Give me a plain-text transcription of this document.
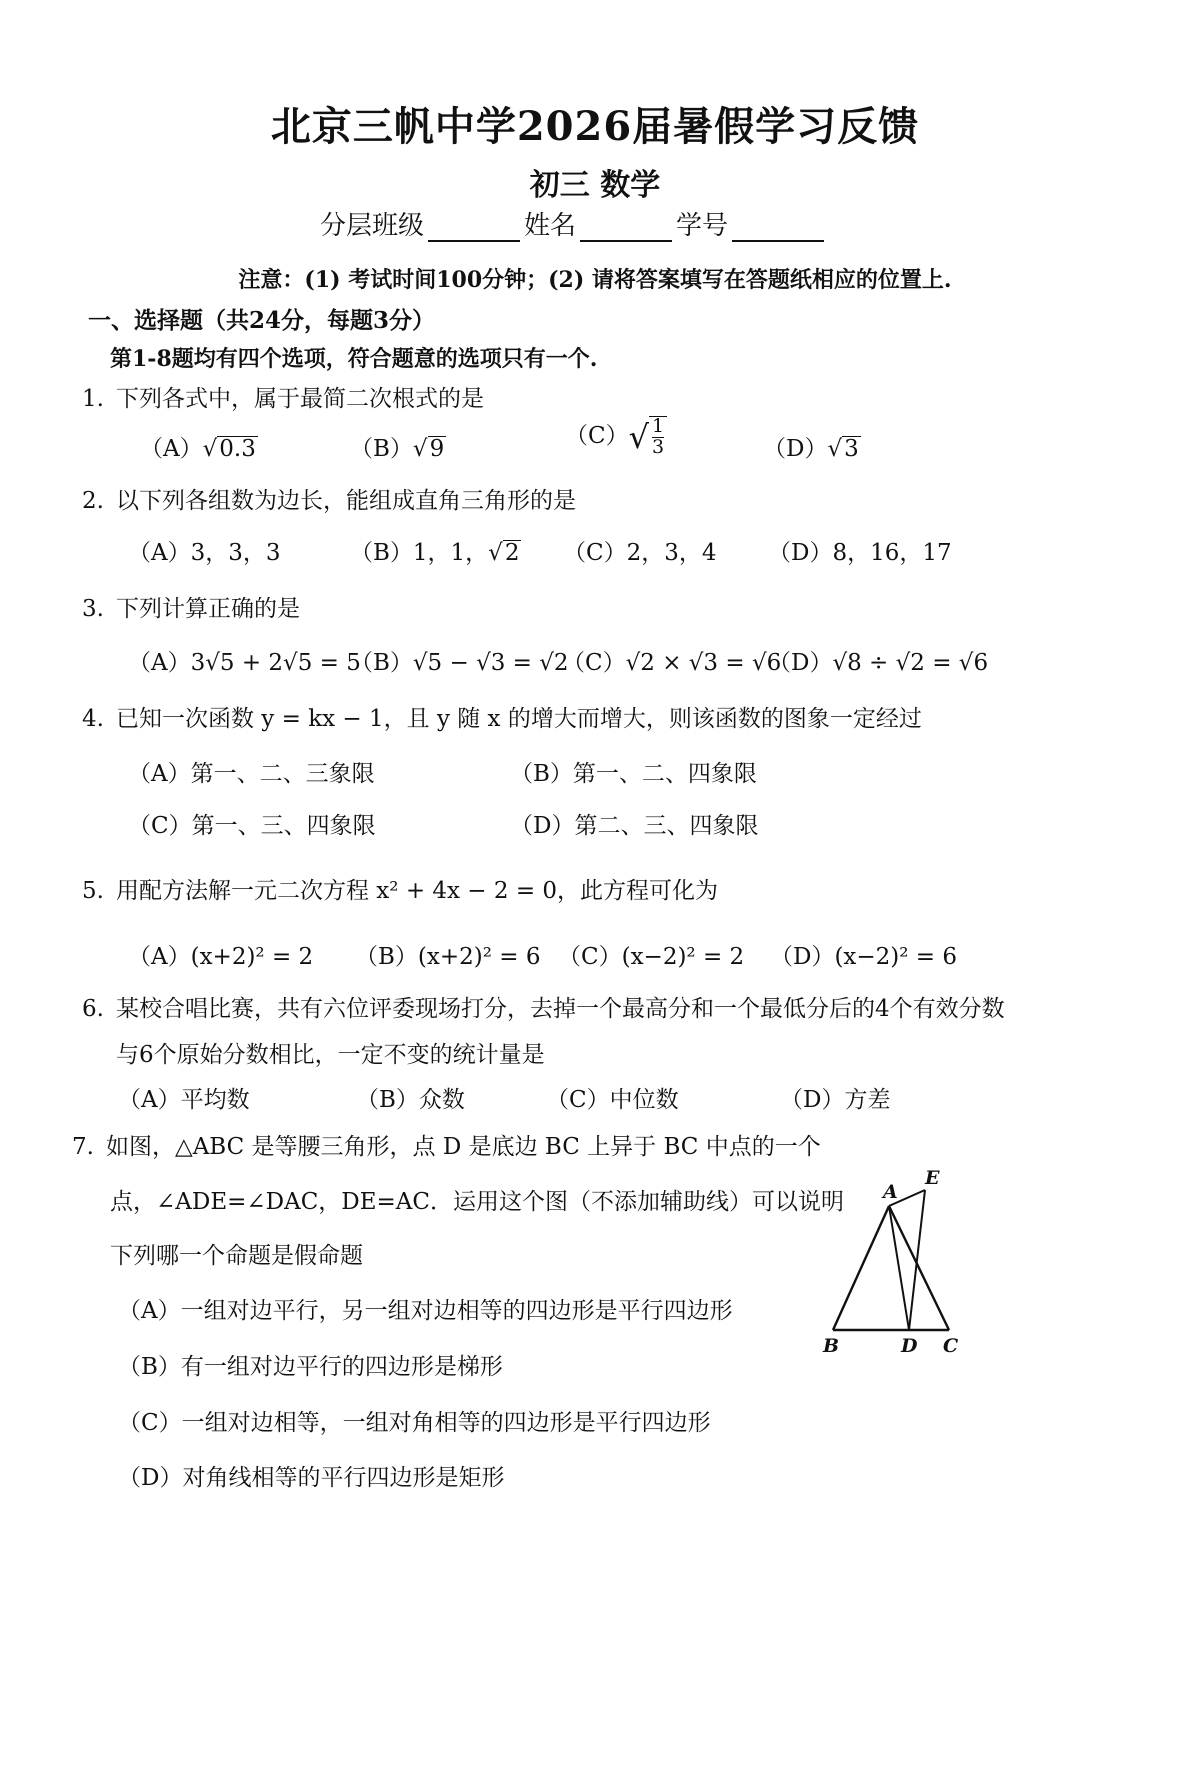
北京三帆中学2026届暑假学习反馈
初三 数学
分层班级	姓名	学号
注意：(1) 考试时间100分钟；(2) 请将答案填写在答题纸相应的位置上.
一、选择题（共24分，每题3分）
第1-8题均有四个选项，符合题意的选项只有一个.
1. 下列各式中，属于最简二次根式的是
（A）√0.3	（B）√9
$(C)√ \frac{1}{3}$	（D）√3
2. 以下列各组数为边长，能组成直角三角形的是
（A）3，3，3	（B）1，1，√2 （C）2，3，4 （D）8，16，17
3. 下列计算正确的是
（A）3√5 + 2√5 = 5
（B）√5 − √3 = √2
（C）√2 × √3 = √6
（D）√8 ÷ √2 = √6
4. 已知一次函数 y = kx − 1，且 y 随 x 的增大而增大，则该函数的图象一定经过
（A）第一、二、三象限	（B）第一、二、四象限
（C）第一、三、四象限	（D）第二、三、四象限
5. 用配方法解一元二次方程 x² + 4x − 2 = 0，此方程可化为
（A）(x+2)² = 2 （B）(x+2)² = 6 （C）(x−2)² = 2 （D）(x−2)² = 6
6. 某校合唱比赛，共有六位评委现场打分，去掉一个最高分和一个最低分后的4个有效分数
与6个原始分数相比，一定不变的统计量是
（A）平均数	（B）众数	（C）中位数	（D）方差
7. 如图，△ABC 是等腰三角形，点 D 是底边 BC 上异于 BC 中点的一个
点，∠ADE=∠DAC，DE=AC．运用这个图（不添加辅助线）可以说明
下列哪一个命题是假命题
（A）一组对边平行，另一组对边相等的四边形是平行四边形
（B）有一组对边平行的四边形是梯形
（C）一组对边相等，一组对角相等的四边形是平行四边形
（D）对角线相等的平行四边形是矩形
A
E
B	D C
